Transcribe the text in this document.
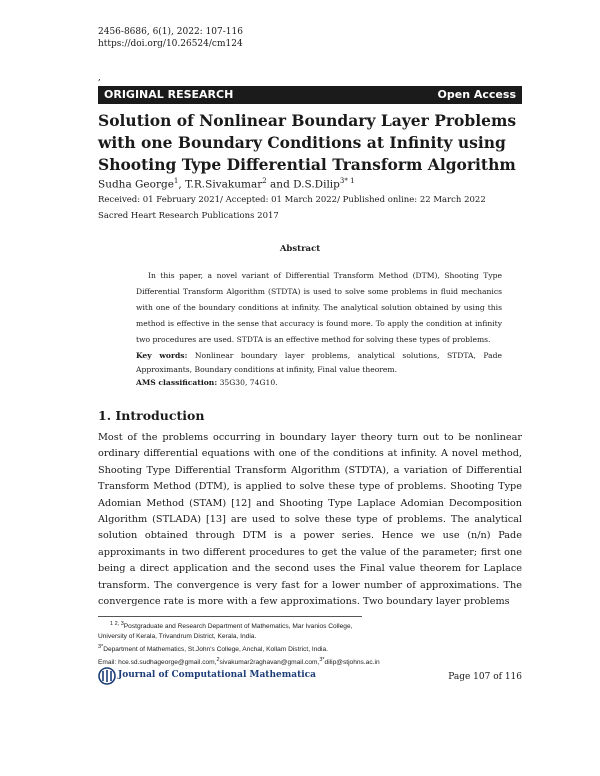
2456-8686, 6(1), 2022: 107-116
https://doi.org/10.26524/cm124
,
ORIGINAL RESEARCH	Open Access
Solution of Nonlinear Boundary Layer Problems with one Boundary Conditions at Infinity using Shooting Type Differential Transform Algorithm
Sudha George$^1$, T.R.Sivakumar$^2$ and D.S.Dilip$^{3* 1}$
Received: 01 February 2021/ Accepted: 01 March 2022/ Published online: 22 March 2022
Sacred Heart Research Publications 2017
Abstract

In this paper, a novel variant of Differential Transform Method (DTM), Shooting Type Differential Transform Algorithm (STDTA) is used to solve some problems in fluid mechanics with one of the boundary conditions at infinity. The analytical solution obtained by using this method is effective in the sense that accuracy is found more. To apply the condition at infinity two procedures are used. STDTA is an effective method for solving these types of problems.

Key words: Nonlinear boundary layer problems, analytical solutions, STDTA, Pade Approximants, Boundary conditions at infinity, Final value theorem.
AMS classification: 35G30, 74G10.
1. Introduction
Most of the problems occurring in boundary layer theory turn out to be nonlinear ordinary differential equations with one of the conditions at infinity. A novel method, Shooting Type Differential Transform Algorithm (STDTA), a variation of Differential Transform Method (DTM), is applied to solve these type of problems. Shooting Type Adomian Method (STAM) [12] and Shooting Type Laplace Adomian Decomposition Algorithm (STLADA) [13] are used to solve these type of problems. The analytical solution obtained through DTM is a power series. Hence we use (n/n) Pade approximants in two different procedures to get the value of the parameter; first one being a direct application and the second uses the Final value theorem for Laplace transform. The convergence is very fast for a lower number of approximations. The convergence rate is more with a few approximations. Two boundary layer problems
$^{1 2, 3}$Postgraduate and Research Department of Mathematics, Mar Ivanios College,
University of Kerala, Trivandrum District, Kerala, India.
$^{3*}$Department of Mathematics, St.John's College, Anchal, Kollam District, India.
Email: hce.sd.sudhageorge@gmail.com,$^2$sivakumar2raghavan@gmail.com,$^{3*}$dilip@stjohns.ac.in
Journal of Computational Mathematica	Page 107 of 116
